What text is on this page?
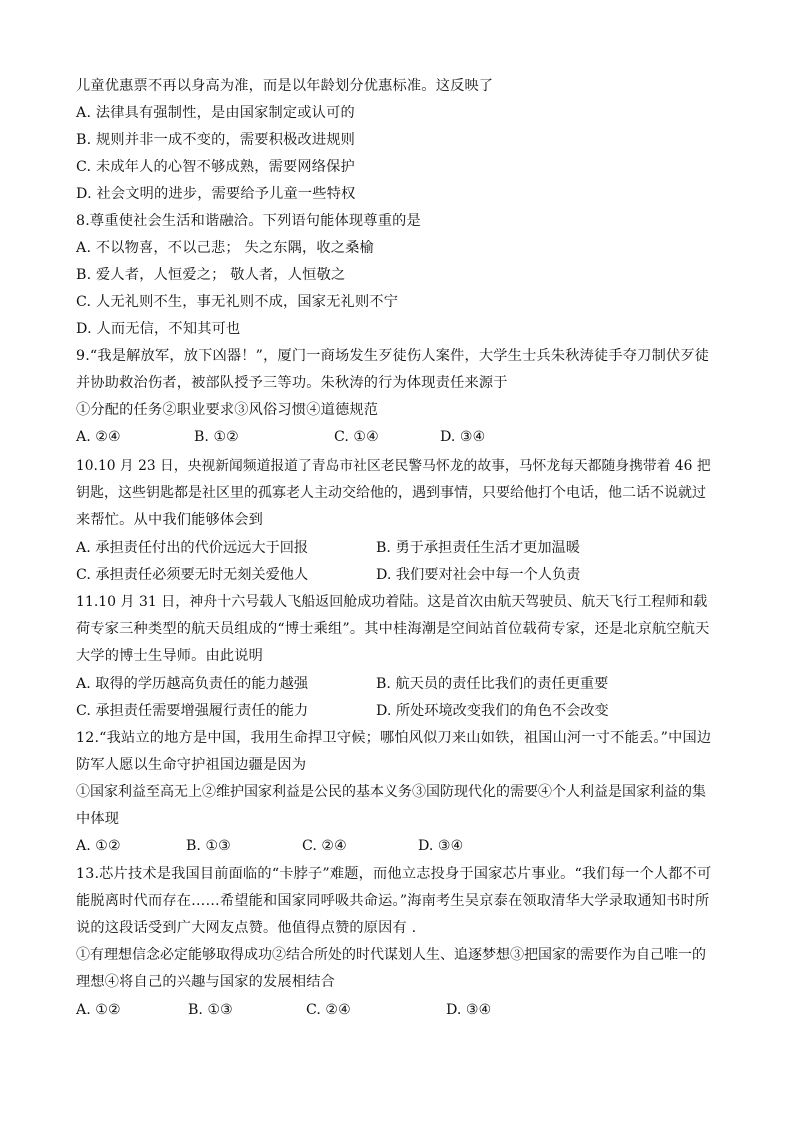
儿童优惠票不再以身高为准，而是以年龄划分优惠标准。这反映了
A. 法律具有强制性，是由国家制定或认可的
B. 规则并非一成不变的，需要积极改进规则
C. 未成年人的心智不够成熟，需要网络保护
D. 社会文明的进步，需要给予儿童一些特权
8.尊重使社会生活和谐融洽。下列语句能体现尊重的是
A. 不以物喜，不以己悲； 失之东隅，收之桑榆
B. 爱人者，人恒爱之； 敬人者，人恒敬之
C. 人无礼则不生，事无礼则不成，国家无礼则不宁
D. 人而无信，不知其可也
9.“我是解放军，放下凶器！”，厦门一商场发生歹徒伤人案件，大学生士兵朱秋涛徒手夺刀制伏歹徒
并协助救治伤者，被部队授予三等功。朱秋涛的行为体现责任来源于
①分配的任务②职业要求③风俗习惯④道德规范
A. ②④	B. ①②	C. ①④	D. ③④
10.10 月 23 日，央视新闻频道报道了青岛市社区老民警马怀龙的故事，马怀龙每天都随身携带着 46 把
钥匙，这些钥匙都是社区里的孤寡老人主动交给他的，遇到事情，只要给他打个电话，他二话不说就过
来帮忙。从中我们能够体会到
A. 承担责任付出的代价远远大于回报	B. 勇于承担责任生活才更加温暖
C. 承担责任必须要无时无刻关爱他人	D. 我们要对社会中每一个人负责
11.10 月 31 日，神舟十六号载人飞船返回舱成功着陆。这是首次由航天驾驶员、航天飞行工程师和载
荷专家三种类型的航天员组成的“博士乘组”。其中桂海潮是空间站首位载荷专家，还是北京航空航天
大学的博士生导师。由此说明
A. 取得的学历越高负责任的能力越强	B. 航天员的责任比我们的责任更重要
C. 承担责任需要增强履行责任的能力	D. 所处环境改变我们的角色不会改变
12.“我站立的地方是中国，我用生命捍卫守候；哪怕风似刀来山如铁，祖国山河一寸不能丢。”中国边
防军人愿以生命守护祖国边疆是因为
①国家利益至高无上②维护国家利益是公民的基本义务③国防现代化的需要④个人利益是国家利益的集
中体现
A. ①②	B. ①③	C. ②④	D. ③④
13.芯片技术是我国目前面临的“卡脖子”难题，而他立志投身于国家芯片事业。“我们每一个人都不可
能脱离时代而存在……希望能和国家同呼吸共命运。”海南考生吴京泰在领取清华大学录取通知书时所
说的这段话受到广大网友点赞。他值得点赞的原因有 .
①有理想信念必定能够取得成功②结合所处的时代谋划人生、追逐梦想③把国家的需要作为自己唯一的
理想④将自己的兴趣与国家的发展相结合
A. ①②	B. ①③	C. ②④	D. ③④
